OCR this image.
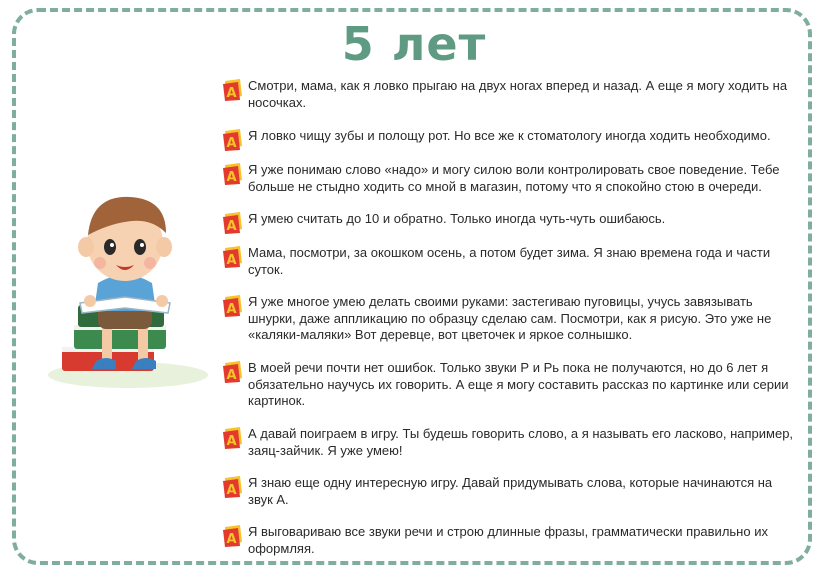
5 лет
А
Смотри, мама, как я ловко прыгаю на двух ногах вперед и назад. А еще я могу ходить на носочках.
А
Я ловко чищу зубы и полощу рот. Но все же к стоматологу иногда ходить необходимо.
А
Я уже понимаю слово «надо» и могу силою воли контролировать свое поведение. Тебе больше не стыдно ходить со мной в магазин, потому что я спокойно стою в очереди.
А
Я умею считать до 10 и обратно. Только иногда чуть-чуть ошибаюсь.
А
Мама, посмотри, за окошком осень, а потом будет зима. Я знаю времена года и части суток.
А
Я уже многое умею делать своими руками: застегиваю пуговицы, учусь завязывать шнурки, даже аппликацию по образцу сделаю сам. Посмотри, как я рисую. Это уже не «каляки-маляки» Вот деревце, вот цветочек и яркое солнышко.
А
В моей речи почти нет ошибок. Только звуки Р и Рь пока не получаются, но до 6 лет я обязательно научусь их говорить. А еще я могу составить рассказ по картинке или серии картинок.
А
А давай поиграем в игру. Ты будешь говорить слово, а я называть его ласково, например, заяц-зайчик. Я уже умею!
А
Я знаю еще одну интересную игру. Давай придумывать слова, которые начинаются на звук А.
А
Я выговариваю все звуки речи и строю длинные фразы, грамматически правильно их оформляя.
